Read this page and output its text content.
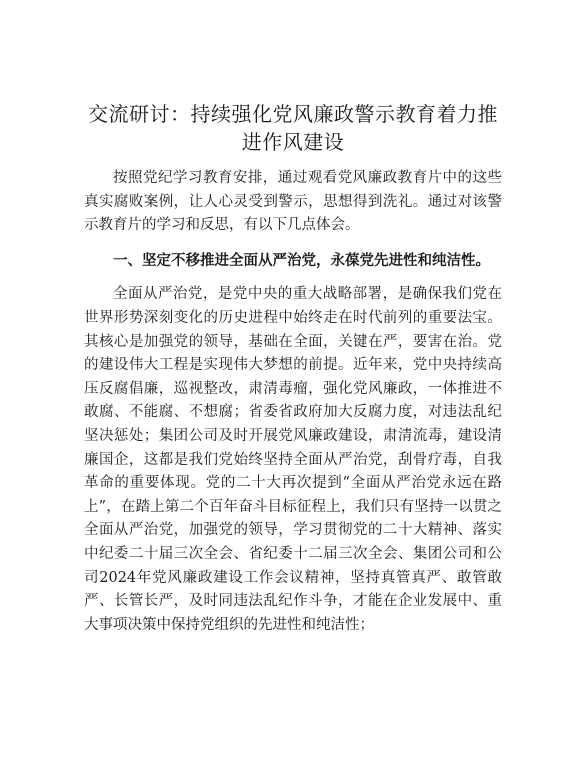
交流研讨：持续强化党风廉政警示教育着力推进作风建设

按照党纪学习教育安排，通过观看党风廉政教育片中的这些真实腐败案例，让人心灵受到警示，思想得到洗礼。通过对该警示教育片的学习和反思，有以下几点体会。

一、坚定不移推进全面从严治党，永葆党先进性和纯洁性。

全面从严治党，是党中央的重大战略部署，是确保我们党在世界形势深刻变化的历史进程中始终走在时代前列的重要法宝。其核心是加强党的领导，基础在全面，关键在严，要害在治。党的建设伟大工程是实现伟大梦想的前提。近年来，党中央持续高压反腐倡廉，巡视整改，肃清毒瘤，强化党风廉政，一体推进不敢腐、不能腐、不想腐；省委省政府加大反腐力度，对违法乱纪坚决惩处；集团公司及时开展党风廉政建设，肃清流毒，建设清廉国企，这都是我们党始终坚持全面从严治党，刮骨疗毒，自我革命的重要体现。党的二十大再次提到“全面从严治党永远在路上”，在踏上第二个百年奋斗目标征程上，我们只有坚持一以贯之全面从严治党，加强党的领导，学习贯彻党的二十大精神、落实中纪委二十届三次全会、省纪委十二届三次全会、集团公司和公司2024年党风廉政建设工作会议精神，坚持真管真严、敢管敢严、长管长严，及时同违法乱纪作斗争，才能在企业发展中、重大事项决策中保持党组织的先进性和纯洁性；
